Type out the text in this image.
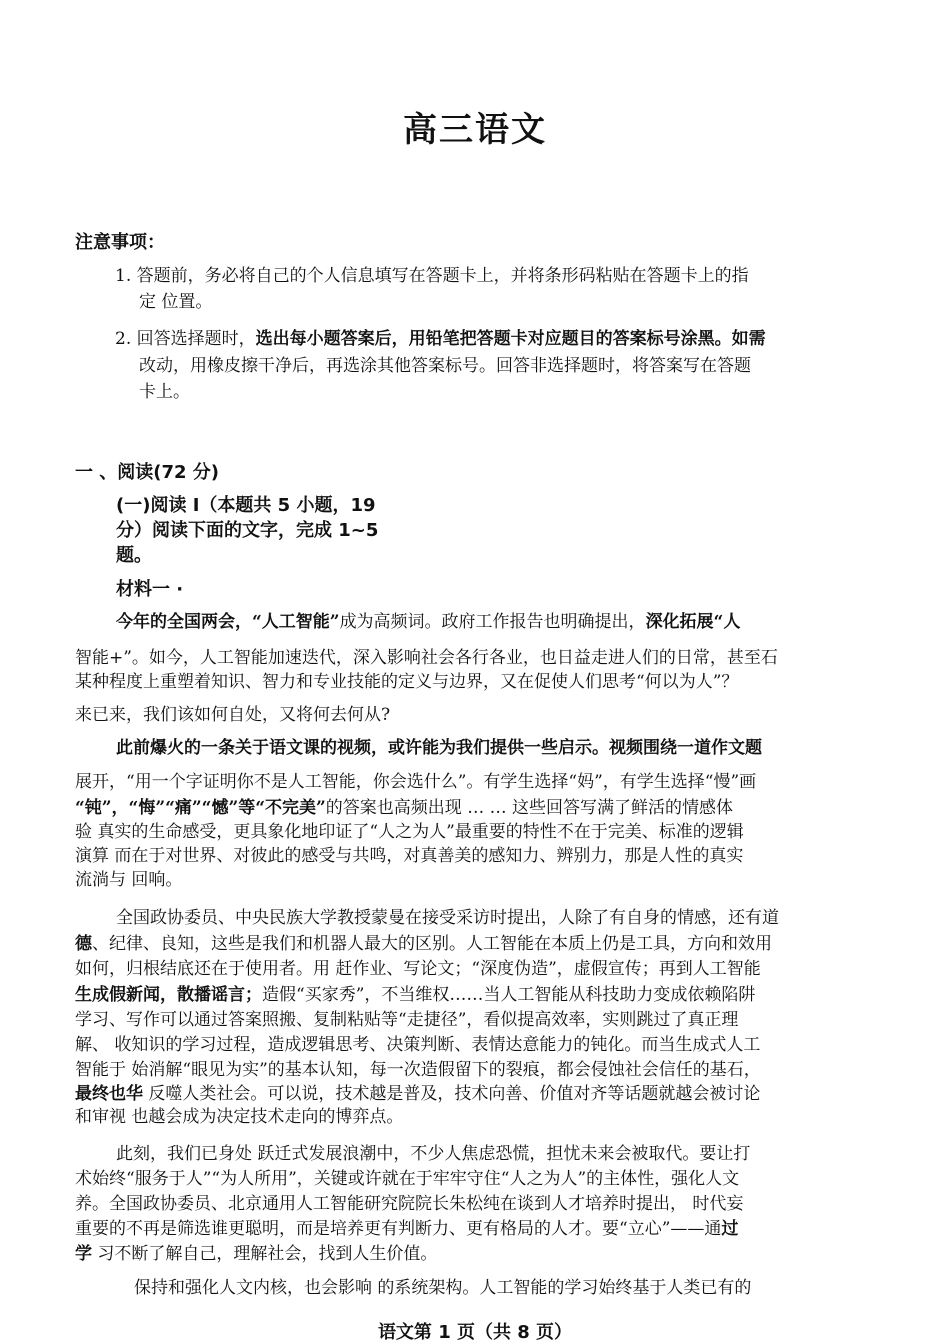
高三语文
注意事项：
1. 答题前，务必将自己的个人信息填写在答题卡上，并将条形码粘贴在答题卡上的指
定 位置。
2. 回答选择题时，选出每小题答案后，用铅笔把答题卡对应题目的答案标号涂黑。如需
改动，用橡皮擦干净后，再选涂其他答案标号。回答非选择题时，将答案写在答题
卡上。
一 、阅读(72 分)
(一)阅读 I（本题共 5 小题，19
分）阅读下面的文字，完成 1~5
题。
材料一 ·
今年的全国两会，“人工智能”成为高频词。政府工作报告也明确提出，深化拓展“人
智能+”。如今，人工智能加速迭代，深入影响社会各行各业，也日益走进人们的日常，甚至石
某种程度上重塑着知识、智力和专业技能的定义与边界，又在促使人们思考“何以为人”？
来已来，我们该如何自处，又将何去何从?
此前爆火的一条关于语文课的视频，或许能为我们提供一些启示。视频围绕一道作文题
展开，“用一个字证明你不是人工智能，你会选什么”。有学生选择“妈”，有学生选择“慢”画
“钝”，“悔”“痛”“憾”等“不完美”的答案也高频出现 … … 这些回答写满了鲜活的情感体
验 真实的生命感受，更具象化地印证了“人之为人”最重要的特性不在于完美、标准的逻辑
演算 而在于对世界、对彼此的感受与共鸣，对真善美的感知力、辨别力，那是人性的真实
流淌与 回响。
全国政协委员、中央民族大学教授蒙曼在接受采访时提出，人除了有自身的情感，还有道
德、纪律、良知，这些是我们和机器人最大的区别。人工智能在本质上仍是工具，方向和效用
如何，归根结底还在于使用者。用 赶作业、写论文；“深度伪造”，虚假宣传；再到人工智能
生成假新闻，散播谣言；造假“买家秀”，不当维权……当人工智能从科技助力变成依赖陷阱
学习、写作可以通过答案照搬、复制粘贴等“走捷径”，看似提高效率，实则跳过了真正理
解、 收知识的学习过程，造成逻辑思考、决策判断、表情达意能力的钝化。而当生成式人工
智能于 始消解“眼见为实”的基本认知，每一次造假留下的裂痕，都会侵蚀社会信任的基石，
最终也华 反噬人类社会。可以说，技术越是普及，技术向善、价值对齐等话题就越会被讨论
和审视 也越会成为决定技术走向的博弈点。
此刻，我们已身处 跃迁式发展浪潮中，不少人焦虑恐慌，担忧未来会被取代。要让打
术始终“服务于人”“为人所用”，关键或许就在于牢牢守住“人之为人”的主体性，强化人文
养。全国政协委员、北京通用人工智能研究院院长朱松纯在谈到人才培养时提出， 时代妄
重要的不再是筛选谁更聪明，而是培养更有判断力、更有格局的人才。要“立心”——通过
学 习不断了解自己，理解社会，找到人生价值。
保持和强化人文内核，也会影响 的系统架构。人工智能的学习始终基于人类已有的
语文第 1 页（共 8 页）
